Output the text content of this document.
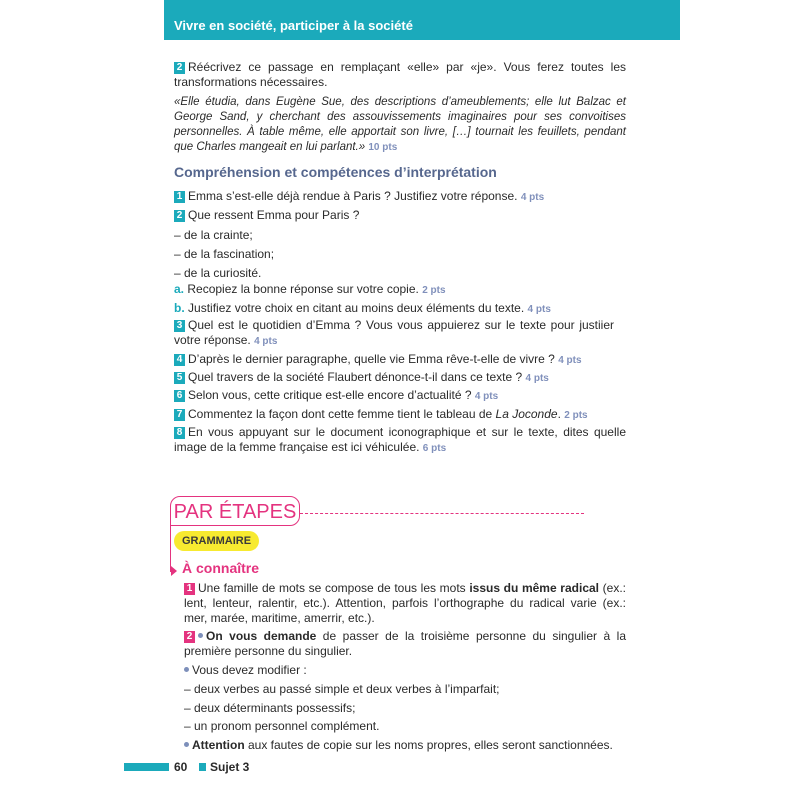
Vivre en société, participer à la société
2 Réécrivez ce passage en remplaçant «elle» par «je». Vous ferez toutes les transformations nécessaires.
«Elle étudia, dans Eugène Sue, des descriptions d’ameublements; elle lut Balzac et George Sand, y cherchant des assouvissements imaginaires pour ses convoitises personnelles. À table même, elle apportait son livre, […] tournait les feuillets, pendant que Charles mangeait en lui parlant.» 10 pts
Compréhension et compétences d’interprétation
1 Emma s’est-elle déjà rendue à Paris ? Justifiez votre réponse. 4 pts
2 Que ressent Emma pour Paris ?
– de la crainte;
– de la fascination;
– de la curiosité.
a. Recopiez la bonne réponse sur votre copie. 2 pts
b. Justifiez votre choix en citant au moins deux éléments du texte. 4 pts
3 Quel est le quotidien d’Emma ? Vous vous appuierez sur le texte pour justiier votre réponse. 4 pts
4 D’après le dernier paragraphe, quelle vie Emma rêve-t-elle de vivre ? 4 pts
5 Quel travers de la société Flaubert dénonce-t-il dans ce texte ? 4 pts
6 Selon vous, cette critique est-elle encore d’actualité ? 4 pts
7 Commentez la façon dont cette femme tient le tableau de La Joconde. 2 pts
8 En vous appuyant sur le document iconographique et sur le texte, dites quelle image de la femme française est ici véhiculée. 6 pts
PAR ÉTAPES
GRAMMAIRE
À connaître
1 Une famille de mots se compose de tous les mots issus du même radical (ex.: lent, lenteur, ralentir, etc.). Attention, parfois l’orthographe du radical varie (ex.: mer, marée, maritime, amerrir, etc.).
2 On vous demande de passer de la troisième personne du singulier à la première personne du singulier.
Vous devez modifier :
– deux verbes au passé simple et deux verbes à l’imparfait;
– deux déterminants possessifs;
– un pronom personnel complément.
Attention aux fautes de copie sur les noms propres, elles seront sanctionnées.
60 Sujet 3
